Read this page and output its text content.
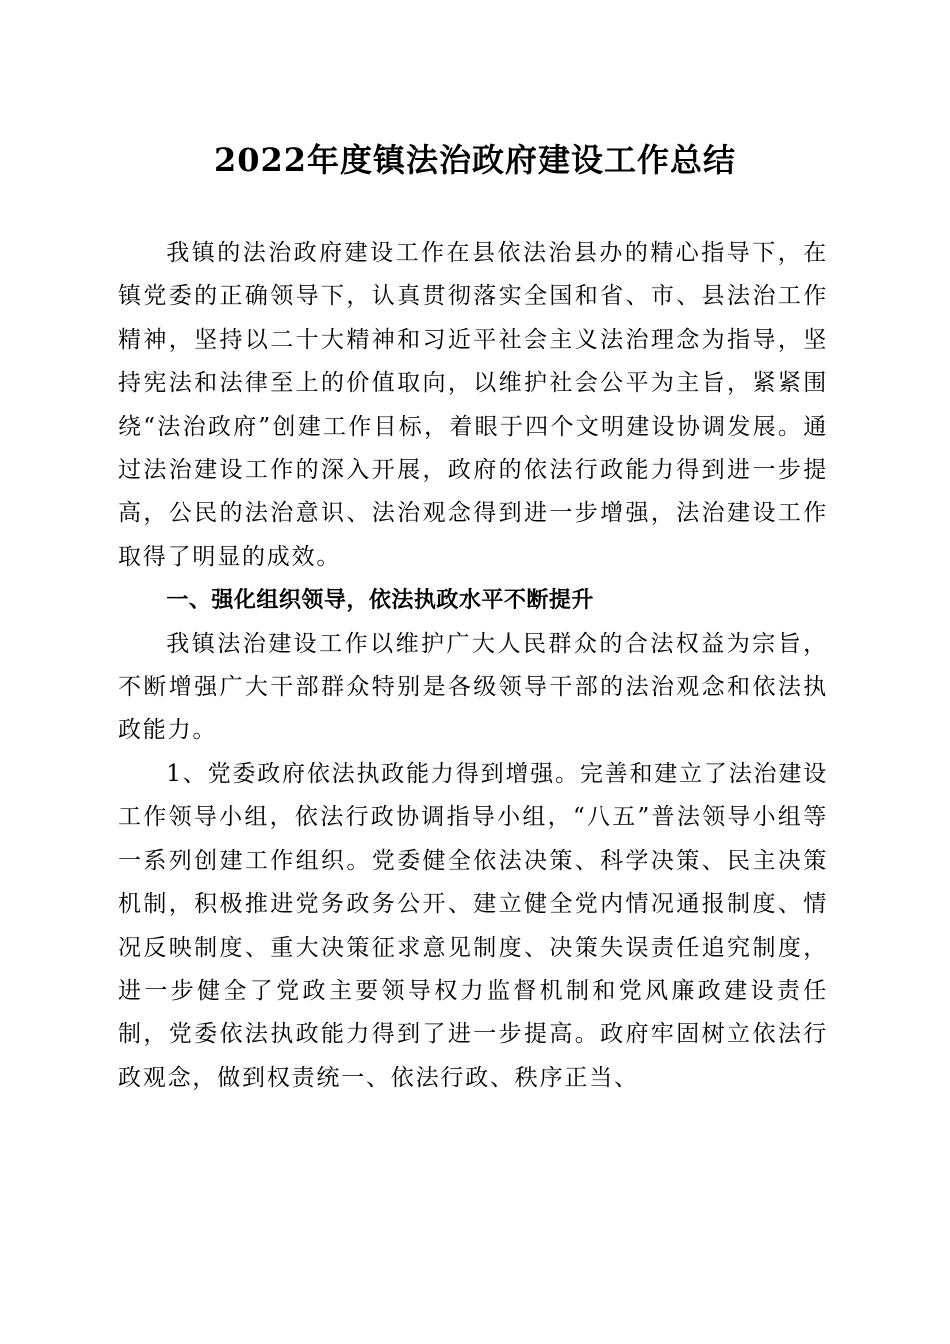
2022年度镇法治政府建设工作总结

我镇的法治政府建设工作在县依法治县办的精心指导下，在镇党委的正确领导下，认真贯彻落实全国和省、市、县法治工作精神，坚持以二十大精神和习近平社会主义法治理念为指导，坚持宪法和法律至上的价值取向，以维护社会公平为主旨，紧紧围绕“法治政府”创建工作目标，着眼于四个文明建设协调发展。通过法治建设工作的深入开展，政府的依法行政能力得到进一步提高，公民的法治意识、法治观念得到进一步增强，法治建设工作取得了明显的成效。

一、强化组织领导，依法执政水平不断提升

我镇法治建设工作以维护广大人民群众的合法权益为宗旨，不断增强广大干部群众特别是各级领导干部的法治观念和依法执政能力。

1、党委政府依法执政能力得到增强。完善和建立了法治建设工作领导小组，依法行政协调指导小组，“八五”普法领导小组等一系列创建工作组织。党委健全依法决策、科学决策、民主决策机制，积极推进党务政务公开、建立健全党内情况通报制度、情况反映制度、重大决策征求意见制度、决策失误责任追究制度，进一步健全了党政主要领导权力监督机制和党风廉政建设责任制，党委依法执政能力得到了进一步提高。政府牢固树立依法行政观念，做到权责统一、依法行政、秩序正当、
